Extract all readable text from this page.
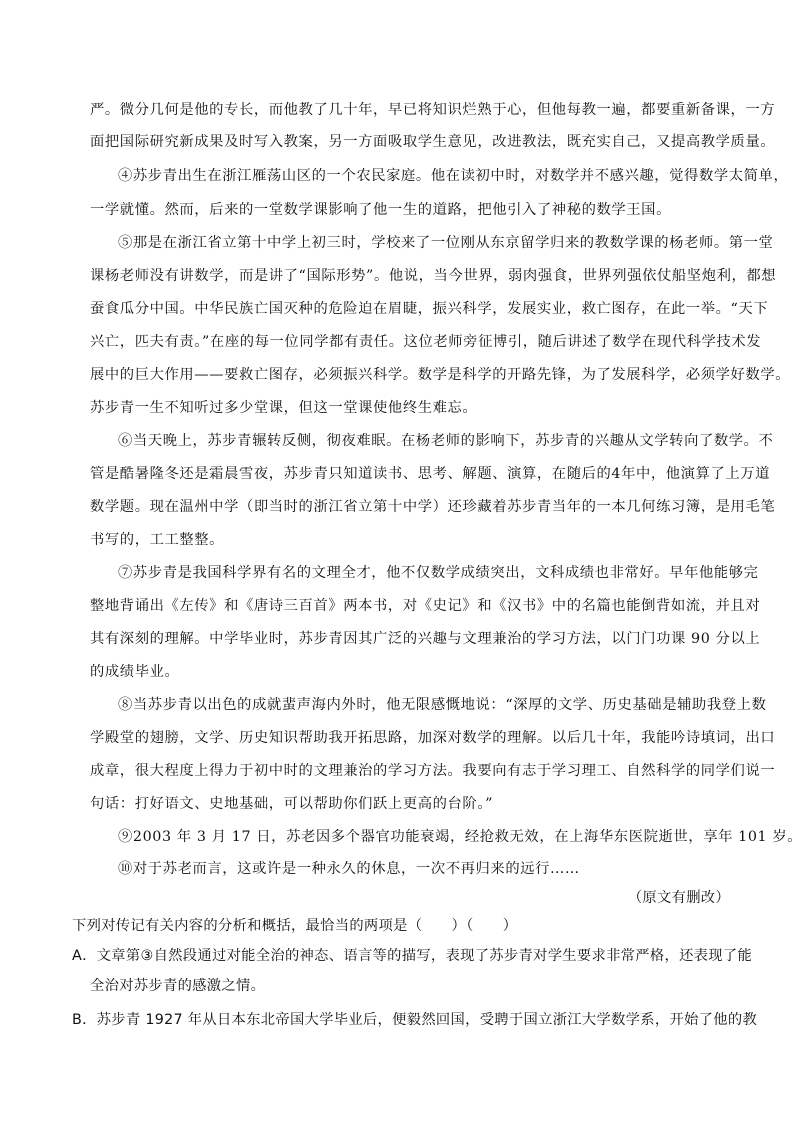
严。微分几何是他的专长，而他教了几十年，早已将知识烂熟于心，但他每教一遍，都要重新备课，一方
面把国际研究新成果及时写入教案，另一方面吸取学生意见，改进教法，既充实自己，又提高教学质量。
④苏步青出生在浙江雁荡山区的一个农民家庭。他在读初中时，对数学并不感兴趣，觉得数学太简单，
一学就懂。然而，后来的一堂数学课影响了他一生的道路，把他引入了神秘的数学王国。
⑤那是在浙江省立第十中学上初三时，学校来了一位刚从东京留学归来的教数学课的杨老师。第一堂
课杨老师没有讲数学，而是讲了“国际形势”。他说，当今世界，弱肉强食，世界列强依仗船坚炮利，都想
蚕食瓜分中国。中华民族亡国灭种的危险迫在眉睫，振兴科学，发展实业，救亡图存，在此一举。“天下
兴亡，匹夫有责。”在座的每一位同学都有责任。这位老师旁征博引，随后讲述了数学在现代科学技术发
展中的巨大作用——要救亡图存，必须振兴科学。数学是科学的开路先锋，为了发展科学，必须学好数学。
苏步青一生不知听过多少堂课，但这一堂课使他终生难忘。
⑥当天晚上，苏步青辗转反侧，彻夜难眠。在杨老师的影响下，苏步青的兴趣从文学转向了数学。不
管是酷暑隆冬还是霜晨雪夜，苏步青只知道读书、思考、解题、演算，在随后的4年中，他演算了上万道
数学题。现在温州中学（即当时的浙江省立第十中学）还珍藏着苏步青当年的一本几何练习簿，是用毛笔
书写的，工工整整。
⑦苏步青是我国科学界有名的文理全才，他不仅数学成绩突出，文科成绩也非常好。早年他能够完
整地背诵出《左传》和《唐诗三百首》两本书，对《史记》和《汉书》中的名篇也能倒背如流，并且对
其有深刻的理解。中学毕业时，苏步青因其广泛的兴趣与文理兼治的学习方法，以门门功课 90 分以上
的成绩毕业。
⑧当苏步青以出色的成就蜚声海内外时，他无限感慨地说：“深厚的文学、历史基础是辅助我登上数
学殿堂的翅膀，文学、历史知识帮助我开拓思路，加深对数学的理解。以后几十年，我能吟诗填词，出口
成章，很大程度上得力于初中时的文理兼治的学习方法。我要向有志于学习理工、自然科学的同学们说一
句话：打好语文、史地基础，可以帮助你们跃上更高的台阶。”
⑨2003 年 3 月 17 日，苏老因多个器官功能衰竭，经抢救无效，在上海华东医院逝世，享年 101 岁。
⑩对于苏老而言，这或许是一种永久的休息，一次不再归来的远行……
（原文有删改）
下列对传记有关内容的分析和概括，最恰当的两项是（　　）（　　）
A．文章第③自然段通过对能全治的神态、语言等的描写，表现了苏步青对学生要求非常严格，还表现了能
全治对苏步青的感激之情。
B．苏步青 1927 年从日本东北帝国大学毕业后，便毅然回国，受聘于国立浙江大学数学系，开始了他的教
